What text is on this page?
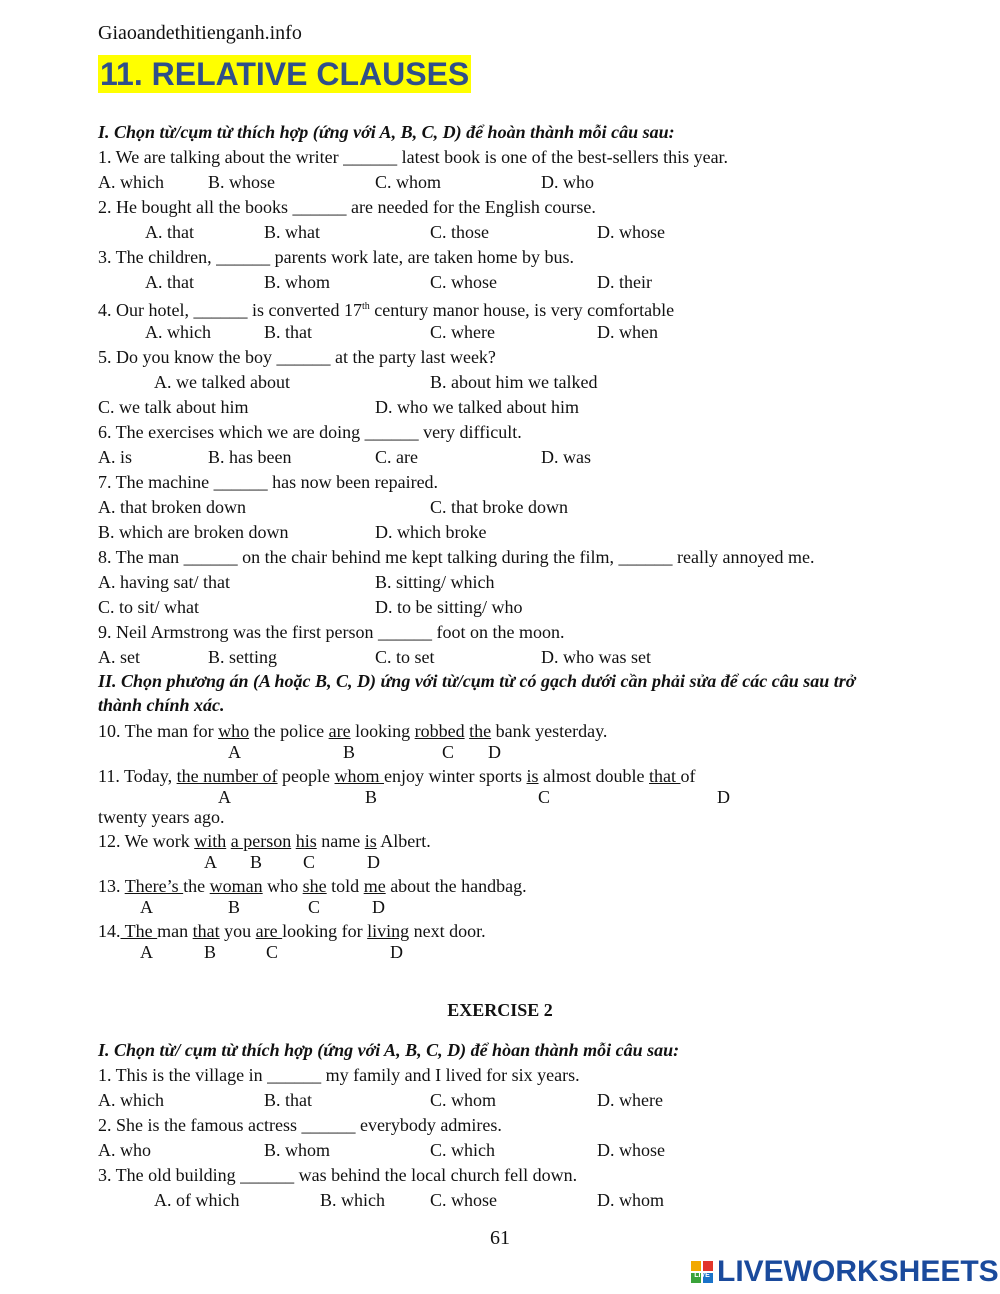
Giaoandethitienganh.info
11. RELATIVE CLAUSES
I. Chọn từ/cụm từ thích hợp (ứng với A, B, C, D) để hoàn thành mỗi câu sau:
1. We are talking about the writer ______ latest book is one of the best-sellers this year.
A. which B. whose	C. whom	D. who
2. He bought all the books ______ are needed for the English course.
A. that	B. what	C. those	D. whose
3. The children, ______ parents work late, are taken home by bus.
A. that	B. whom	C. whose	D. their
4. Our hotel, ______ is converted 17th century manor house, is very comfortable
A. which	B. that	C. where	D. when
5. Do you know the boy ______ at the party last week?
A. we talked about	B. about him we talked
C. we talk about him	D. who we talked about him
6. The exercises which we are doing ______ very difficult.
A. is	B. has been	C. are	D. was
7. The machine ______ has now been repaired.
A. that broken down	C. that broke down
B. which are broken down	D. which broke
8. The man ______ on the chair behind me kept talking during the film, ______ really annoyed me.
A. having sat/ that	B. sitting/ which
C. to sit/ what	D. to be sitting/ who
9. Neil Armstrong was the first person ______ foot on the moon.
A. set	B. setting	C. to set	D. who was set
II. Chọn phương án (A hoặc B, C, D) ứng với từ/cụm từ có gạch dưới cần phải sửa để các câu sau trở
thành chính xác.
10. The man for who the police are looking robbed the bank yesterday.
A	B	C D
11. Today, the number of people whom enjoy winter sports is almost double that of
A	B	C	D
twenty years ago.
12. We work with a person his name is Albert.
A B C	D
13. There’s the woman who she told me about the handbag.
A	B	C	D
14. The man that you are looking for living next door.
A	B	C	D
EXERCISE 2
I. Chọn từ/ cụm từ thích hợp (ứng với A, B, C, D) để hòan thành mỗi câu sau:
1. This is the village in ______ my family and I lived for six years.
A. which	B. that	C. whom	D. where
2. She is the famous actress ______ everybody admires.
A. who	B. whom	C. which	D. whose
3. The old building ______ was behind the local church fell down.
A. of which	B. which	C. whose	D. whom
61
LIVE LIVEWORKSHEETS
